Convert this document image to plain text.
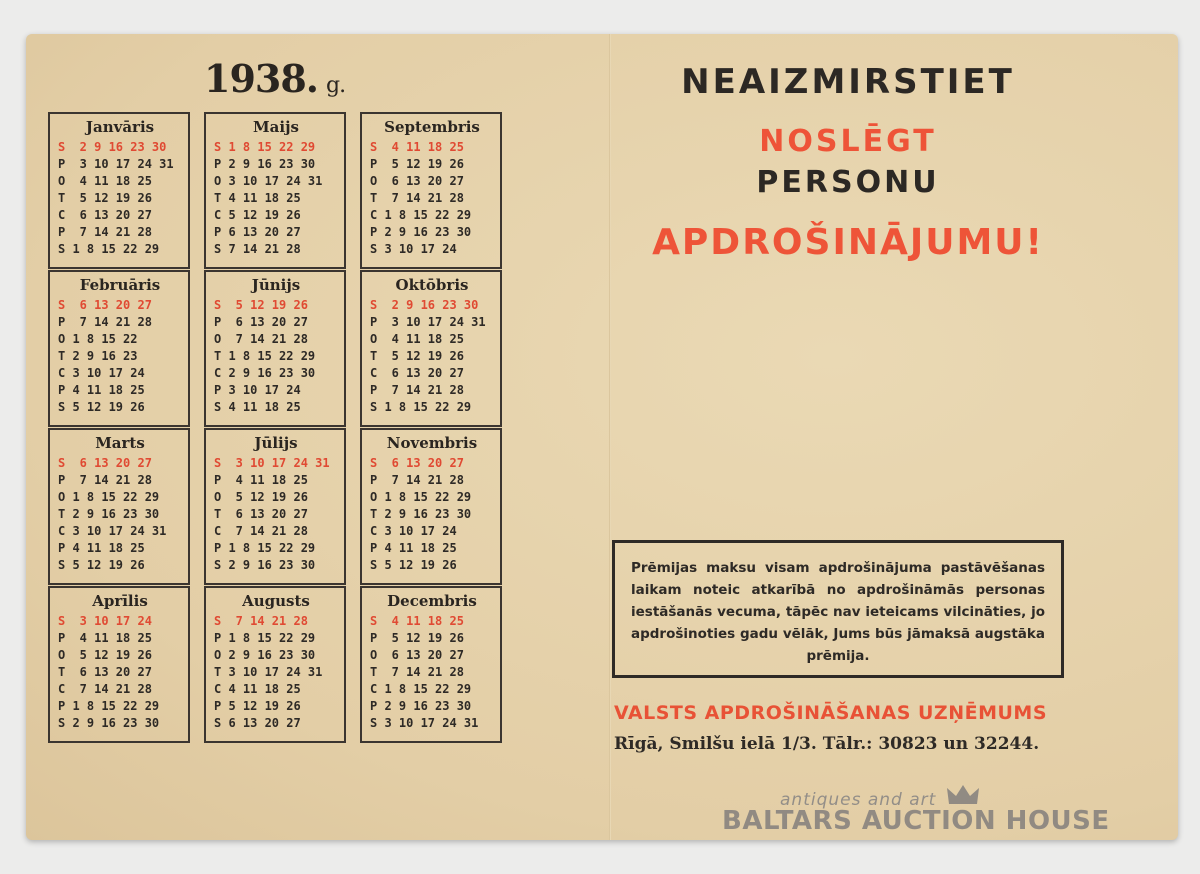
1938. g.
Janvāris
S  2 9 16 23 30
P  3 10 17 24 31
O  4 11 18 25
T  5 12 19 26
C  6 13 20 27
P  7 14 21 28
S 1 8 15 22 29
Februāris
S  6 13 20 27
P  7 14 21 28
O 1 8 15 22
T 2 9 16 23
C 3 10 17 24
P 4 11 18 25
S 5 12 19 26
Marts
S  6 13 20 27
P  7 14 21 28
O 1 8 15 22 29
T 2 9 16 23 30
C 3 10 17 24 31
P 4 11 18 25
S 5 12 19 26
Aprīlis
S  3 10 17 24
P  4 11 18 25
O  5 12 19 26
T  6 13 20 27
C  7 14 21 28
P 1 8 15 22 29
S 2 9 16 23 30
Maijs
S 1 8 15 22 29
P 2 9 16 23 30
O 3 10 17 24 31
T 4 11 18 25
C 5 12 19 26
P 6 13 20 27
S 7 14 21 28
Jūnijs
S  5 12 19 26
P  6 13 20 27
O  7 14 21 28
T 1 8 15 22 29
C 2 9 16 23 30
P 3 10 17 24
S 4 11 18 25
Jūlijs
S  3 10 17 24 31
P  4 11 18 25
O  5 12 19 26
T  6 13 20 27
C  7 14 21 28
P 1 8 15 22 29
S 2 9 16 23 30
Augusts
S  7 14 21 28
P 1 8 15 22 29
O 2 9 16 23 30
T 3 10 17 24 31
C 4 11 18 25
P 5 12 19 26
S 6 13 20 27
Septembris
S  4 11 18 25
P  5 12 19 26
O  6 13 20 27
T  7 14 21 28
C 1 8 15 22 29
P 2 9 16 23 30
S 3 10 17 24
Oktōbris
S  2 9 16 23 30
P  3 10 17 24 31
O  4 11 18 25
T  5 12 19 26
C  6 13 20 27
P  7 14 21 28
S 1 8 15 22 29
Novembris
S  6 13 20 27
P  7 14 21 28
O 1 8 15 22 29
T 2 9 16 23 30
C 3 10 17 24
P 4 11 18 25
S 5 12 19 26
Decembris
S  4 11 18 25
P  5 12 19 26
O  6 13 20 27
T  7 14 21 28
C 1 8 15 22 29
P 2 9 16 23 30
S 3 10 17 24 31
NEAIZMIRSTIET
NOSLĒGT
PERSONU
APDROŠINĀJUMU!
Prēmijas maksu visam apdrošinājuma pastāvēšanas laikam noteic atkarībā no apdrošināmās personas iestāšanās vecuma, tāpēc nav ieteicams vilcināties, jo apdrošinoties gadu vēlāk, Jums būs jāmaksā augstāka prēmija.
VALSTS APDROŠINĀŠANAS UZŅĒMUMS
Rīgā, Smilšu ielā 1/3. Tālr.: 30823 un 32244.
antiques and art
BALTARS AUCTION HOUSE
